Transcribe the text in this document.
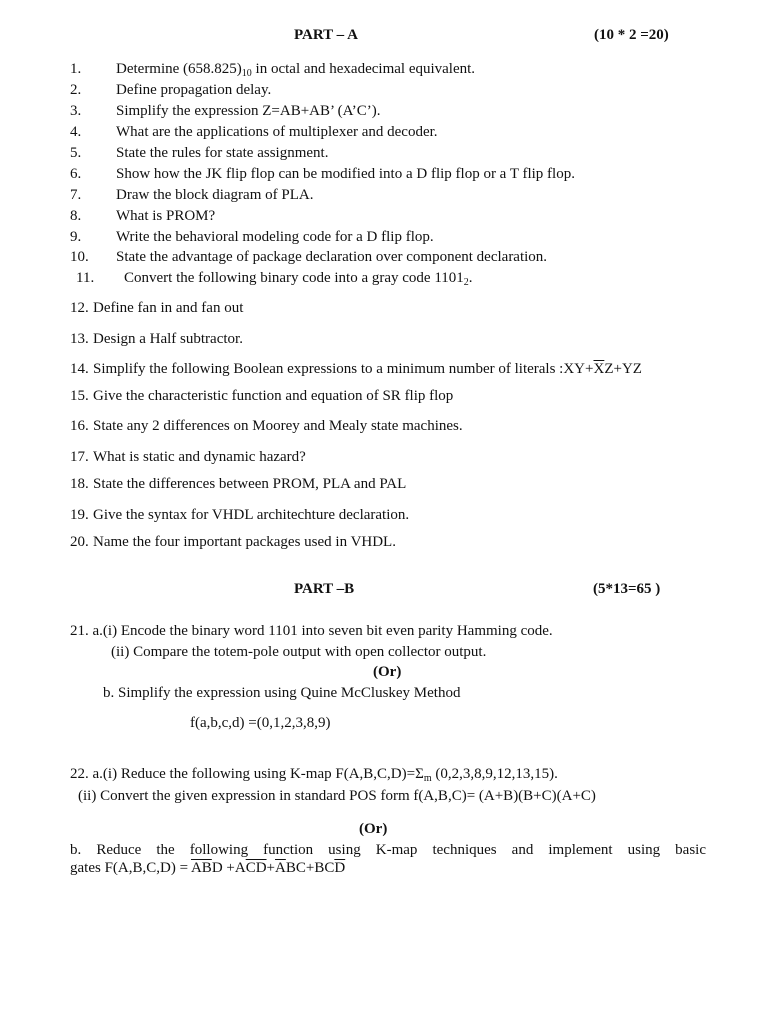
PART – A	(10 * 2 =20)
1. Determine $(658.825)_{10}$ in octal and hexadecimal equivalent.
2. Define propagation delay.
3. Simplify the expression Z=AB+AB’ (A’C’).
4. What are the applications of multiplexer and decoder.
5. State the rules for state assignment.
6. Show how the JK flip flop can be modified into a D flip flop or a T flip flop.
7. Draw the block diagram of PLA.
8. What is PROM?
9. Write the behavioral modeling code for a D flip flop.
10. State the advantage of package declaration over component declaration.
11. Convert the following binary code into a gray code $1101_2$.
12. Define fan in and fan out
13. Design a Half subtractor.
14. Simplify the following Boolean expressions to a minimum number of literals $:XY+\overline{X}Z+YZ$
15. Give the characteristic function and equation of SR flip flop
16. State any 2 differences on Moorey and Mealy state machines.
17. What is static and dynamic hazard?
18. State the differences between PROM, PLA and PAL
19. Give the syntax for VHDL architechture declaration.
20. Name the four important packages used in VHDL.
PART –B	(5*13=65 )
21. a.(i) Encode the binary word 1101 into seven bit even parity Hamming code.
(ii) Compare the totem-pole output with open collector output.
(Or)
b. Simplify the expression using Quine McCluskey Method
f(a,b,c,d) =(0,1,2,3,8,9)
22. a.(i) Reduce the following using K-map $F(A,B,C,D)=\Sigma_m$ (0,2,3,8,9,12,13,15).
(ii) Convert the given expression in standard POS form f(A,B,C)= (A+B)(B+C)(A+C)
(Or)
b. Reduce the following function using K-map techniques and implement using basic
gates $F(A,B,C,D) = \overline{AB}D +A\overline{CD}+\overline{A}BC+BC\overline{D}$
